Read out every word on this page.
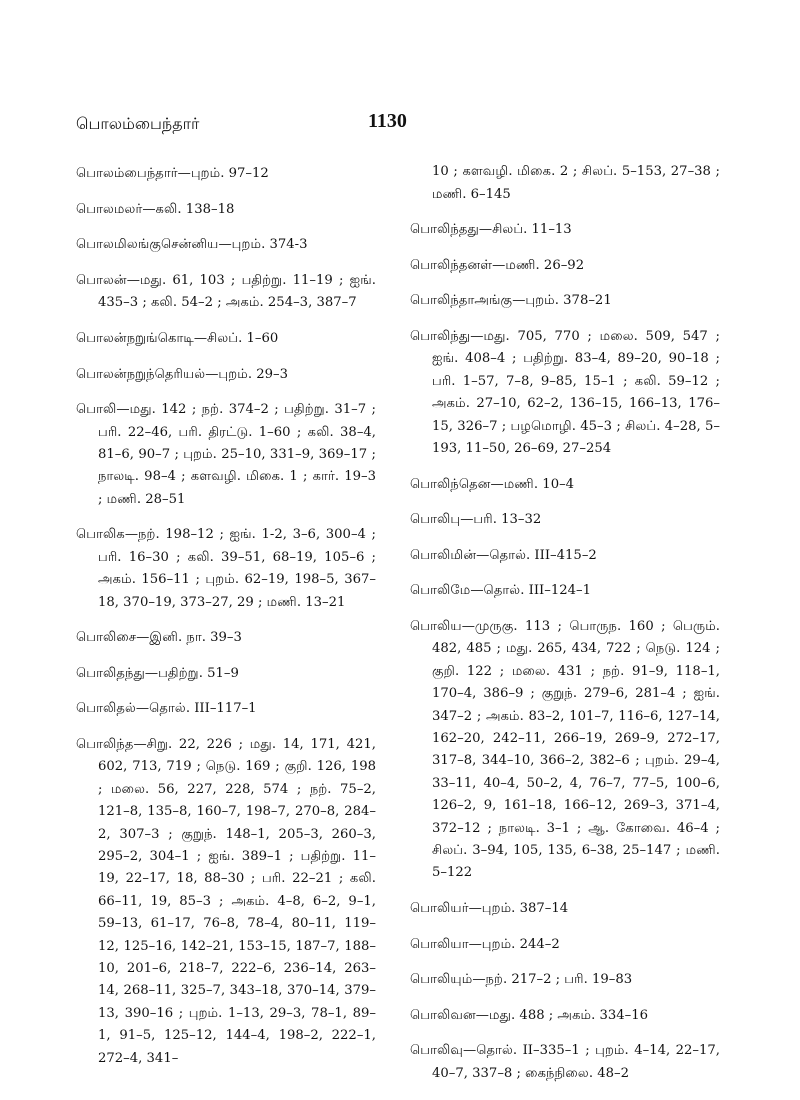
பொலம்பைந்தார்	1130

பொலம்பைந்தார்—புறம். 97–12

பொலமலர்—கலி. 138–18

பொலமிலங்குசென்னிய—புறம். 374-3

பொலன்—மது. 61, 103 ; பதிற்று. 11–19 ; ஐங். 435–3 ; கலி. 54–2 ; அகம். 254–3, 387–7

பொலன்நறுங்கொடி—சிலப். 1–60

பொலன்நறுந்தெரியல்—புறம். 29–3

பொலி—மது. 142 ; நற். 374–2 ; பதிற்று. 31–7 ; பரி. 22–46, பரி. திரட்டு. 1–60 ; கலி. 38–4, 81–6, 90–7 ; புறம். 25–10, 331–9, 369–17 ; நாலடி. 98–4 ; களவழி. மிகை. 1 ; கார். 19–3 ; மணி. 28–51

பொலிக—நற். 198–12 ; ஐங். 1-2, 3–6, 300–4 ; பரி. 16–30 ; கலி. 39–51, 68–19, 105–6 ; அகம். 156–11 ; புறம். 62–19, 198–5, 367–18, 370–19, 373–27, 29 ; மணி. 13–21

பொலிசை—இனி. நா. 39–3

பொலிதந்து—பதிற்று. 51–9

பொலிதல்—தொல். III–117–1

பொலிந்த—சிறு. 22, 226 ; மது. 14, 171, 421, 602, 713, 719 ; நெடு. 169 ; குறி. 126, 198 ; மலை. 56, 227, 228, 574 ; நற். 75–2, 121–8, 135–8, 160–7, 198–7, 270–8, 284–2, 307–3 ; குறுந். 148–1, 205–3, 260–3, 295–2, 304–1 ; ஐங். 389–1 ; பதிற்று. 11–19, 22–17, 18, 88–30 ; பரி. 22–21 ; கலி. 66–11, 19, 85–3 ; அகம். 4–8, 6–2, 9–1, 59–13, 61–17, 76–8, 78–4, 80–11, 119–12, 125–16, 142–21, 153–15, 187–7, 188–10, 201–6, 218–7, 222–6, 236–14, 263–14, 268–11, 325–7, 343–18, 370–14, 379–13, 390–16 ; புறம். 1–13, 29–3, 78–1, 89–1, 91–5, 125–12, 144–4, 198–2, 222–1, 272–4, 341–

10 ; களவழி. மிகை. 2 ; சிலப். 5–153, 27–38 ; மணி. 6–145

பொலிந்தது—சிலப். 11–13

பொலிந்தனள்—மணி. 26–92

பொலிந்தாஅங்கு—புறம். 378–21

பொலிந்து—மது. 705, 770 ; மலை. 509, 547 ; ஐங். 408–4 ; பதிற்று. 83–4, 89–20, 90–18 ; பரி. 1–57, 7–8, 9–85, 15–1 ; கலி. 59–12 ; அகம். 27–10, 62–2, 136–15, 166–13, 176–15, 326–7 ; பழமொழி. 45–3 ; சிலப். 4–28, 5–193, 11–50, 26–69, 27–254

பொலிந்தென—மணி. 10–4

பொலிபு—பரி. 13–32

பொலிமின்—தொல். III–415–2

பொலிமே—தொல். III–124–1

பொலிய—முருகு. 113 ; பொருந. 160 ; பெரும். 482, 485 ; மது. 265, 434, 722 ; நெடு. 124 ; குறி. 122 ; மலை. 431 ; நற். 91–9, 118–1, 170–4, 386–9 ; குறுந். 279–6, 281–4 ; ஐங். 347–2 ; அகம். 83–2, 101–7, 116–6, 127–14, 162–20, 242–11, 266–19, 269–9, 272–17, 317–8, 344–10, 366–2, 382–6 ; புறம். 29–4, 33–11, 40–4, 50–2, 4, 76–7, 77–5, 100–6, 126–2, 9, 161–18, 166–12, 269–3, 371–4, 372–12 ; நாலடி. 3–1 ; ஆ. கோவை. 46–4 ; சிலப். 3–94, 105, 135, 6–38, 25–147 ; மணி. 5–122

பொலியர்—புறம். 387–14

பொலியா—புறம். 244–2

பொலியும்—நற். 217–2 ; பரி. 19–83

பொலிவன—மது. 488 ; அகம். 334–16

பொலிவு—தொல். II–335–1 ; புறம். 4–14, 22–17, 40–7, 337–8 ; கைந்நிலை. 48–2
